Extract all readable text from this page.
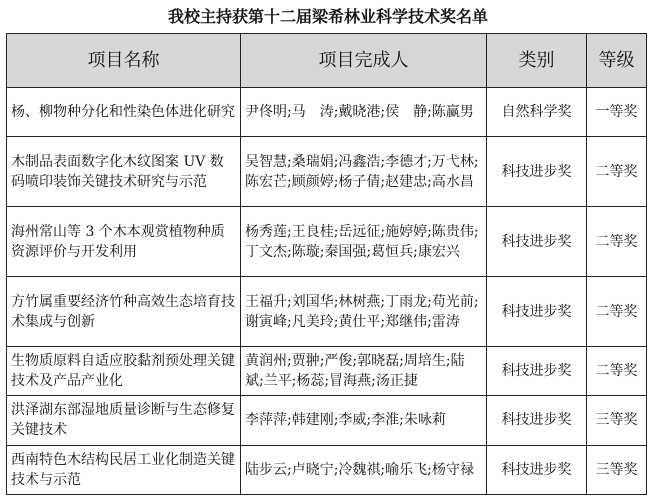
我校主持获第十二届梁希林业科学技术奖名单
项目名称	项目完成人	类别	等级
杨、柳物种分化和性染色体进化研究	尹佟明;马　涛;戴晓港;侯　静;陈赢男	自然科学奖	一等奖
木制品表面数字化木纹图案 UV 数码喷印装饰关键技术研究与示范	吴智慧;桑瑞娟;冯鑫浩;李德才;万弋林;陈宏芒;顾颜婷;杨子倩;赵建忠;高水昌	科技进步奖	二等奖
海州常山等 3 个木本观赏植物种质资源评价与开发利用	杨秀莲;王良桂;岳远征;施婷婷;陈贵伟;丁文杰;陈璇;秦国强;葛恒兵;康宏兴	科技进步奖	二等奖
方竹属重要经济竹种高效生态培育技术集成与创新	王福升;刘国华;林树燕;丁雨龙;苟光前;谢寅峰;凡美玲;黄仕平;郑继伟;雷涛	科技进步奖	二等奖
生物质原料自适应胶黏剂预处理关键技术及产品产业化	黄润州;贾翀;严俊;郭晓磊;周培生;陆斌;兰平;杨蕊;冒海燕;汤正捷	科技进步奖	二等奖
洪泽湖东部湿地质量诊断与生态修复关键技术	李萍萍;韩建刚;李威;李淮;朱咏莉	科技进步奖	三等奖
西南特色木结构民居工业化制造关键技术与示范	陆步云;卢晓宁;冷魏祺;喻乐飞;杨守禄	科技进步奖	三等奖
